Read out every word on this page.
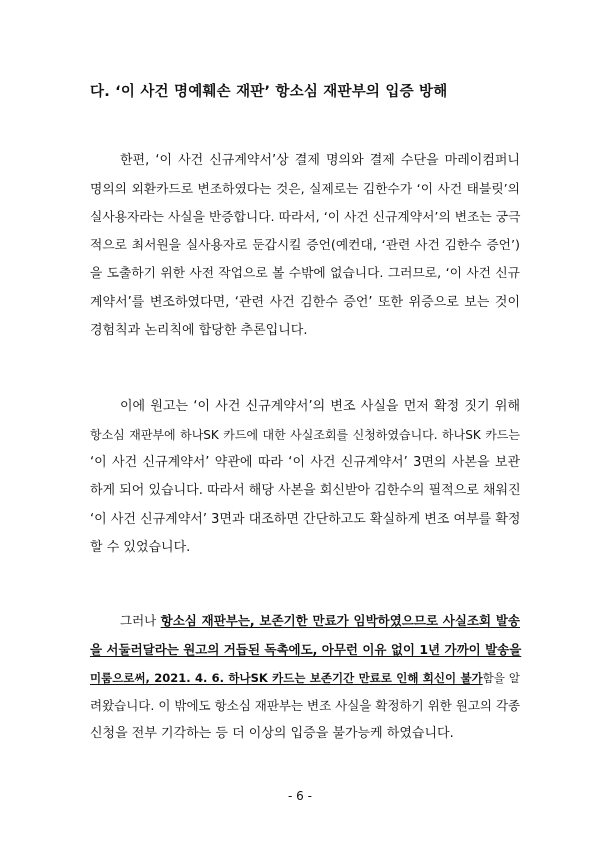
다. ‘이 사건 명예훼손 재판’ 항소심 재판부의 입증 방해
한편, ‘이 사건 신규계약서’상 결제 명의와 결제 수단을 마레이컴퍼니
명의의 외환카드로 변조하였다는 것은, 실제로는 김한수가 ‘이 사건 태블릿’의
실사용자라는 사실을 반증합니다. 따라서, ‘이 사건 신규계약서’의 변조는 궁극
적으로 최서원을 실사용자로 둔갑시킬 증언(예컨대, ‘관련 사건 김한수 증언’)
을 도출하기 위한 사전 작업으로 볼 수밖에 없습니다. 그러므로, ‘이 사건 신규
계약서’를 변조하였다면, ‘관련 사건 김한수 증언’ 또한 위증으로 보는 것이
경험칙과 논리칙에 합당한 추론입니다.
이에 원고는 ‘이 사건 신규계약서’의 변조 사실을 먼저 확정 짓기 위해
항소심 재판부에 하나SK 카드에 대한 사실조회를 신청하였습니다. 하나SK 카드는
‘이 사건 신규계약서’ 약관에 따라 ‘이 사건 신규계약서’ 3면의 사본을 보관
하게 되어 있습니다. 따라서 해당 사본을 회신받아 김한수의 필적으로 채워진
‘이 사건 신규계약서’ 3면과 대조하면 간단하고도 확실하게 변조 여부를 확정
할 수 있었습니다.
그러나 항소심 재판부는, 보존기한 만료가 임박하였으므로 사실조회 발송
을 서둘러달라는 원고의 거듭된 독촉에도, 아무런 이유 없이 1년 가까이 발송을
미룸으로써, 2021. 4. 6. 하나SK 카드는 보존기간 만료로 인해 회신이 불가함을 알
려왔습니다. 이 밖에도 항소심 재판부는 변조 사실을 확정하기 위한 원고의 각종
신청을 전부 기각하는 등 더 이상의 입증을 불가능케 하였습니다.
- 6 -
